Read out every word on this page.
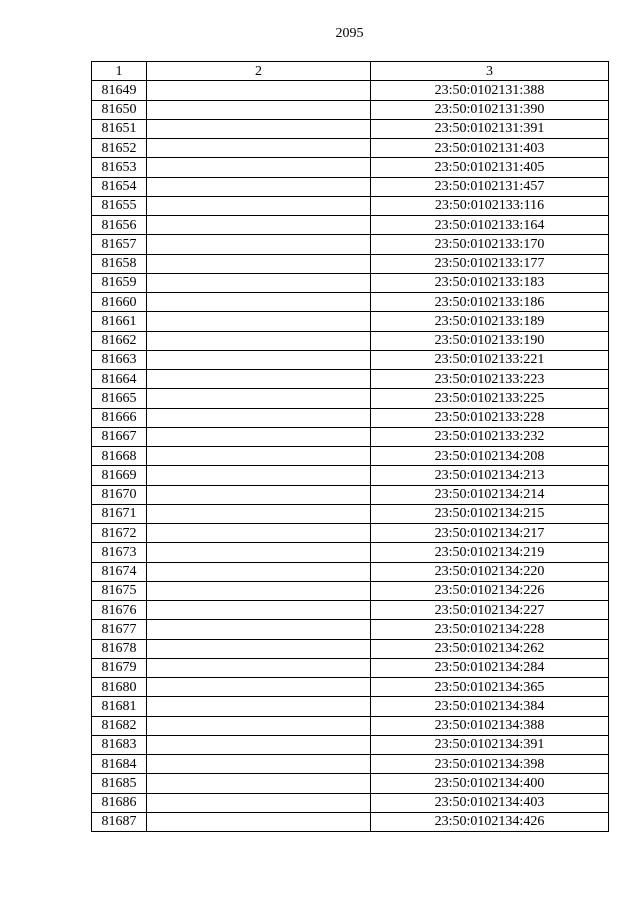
2095
1	2	3
81649		23:50:0102131:388
81650		23:50:0102131:390
81651		23:50:0102131:391
81652		23:50:0102131:403
81653		23:50:0102131:405
81654		23:50:0102131:457
81655		23:50:0102133:116
81656		23:50:0102133:164
81657		23:50:0102133:170
81658		23:50:0102133:177
81659		23:50:0102133:183
81660		23:50:0102133:186
81661		23:50:0102133:189
81662		23:50:0102133:190
81663		23:50:0102133:221
81664		23:50:0102133:223
81665		23:50:0102133:225
81666		23:50:0102133:228
81667		23:50:0102133:232
81668		23:50:0102134:208
81669		23:50:0102134:213
81670		23:50:0102134:214
81671		23:50:0102134:215
81672		23:50:0102134:217
81673		23:50:0102134:219
81674		23:50:0102134:220
81675		23:50:0102134:226
81676		23:50:0102134:227
81677		23:50:0102134:228
81678		23:50:0102134:262
81679		23:50:0102134:284
81680		23:50:0102134:365
81681		23:50:0102134:384
81682		23:50:0102134:388
81683		23:50:0102134:391
81684		23:50:0102134:398
81685		23:50:0102134:400
81686		23:50:0102134:403
81687		23:50:0102134:426
